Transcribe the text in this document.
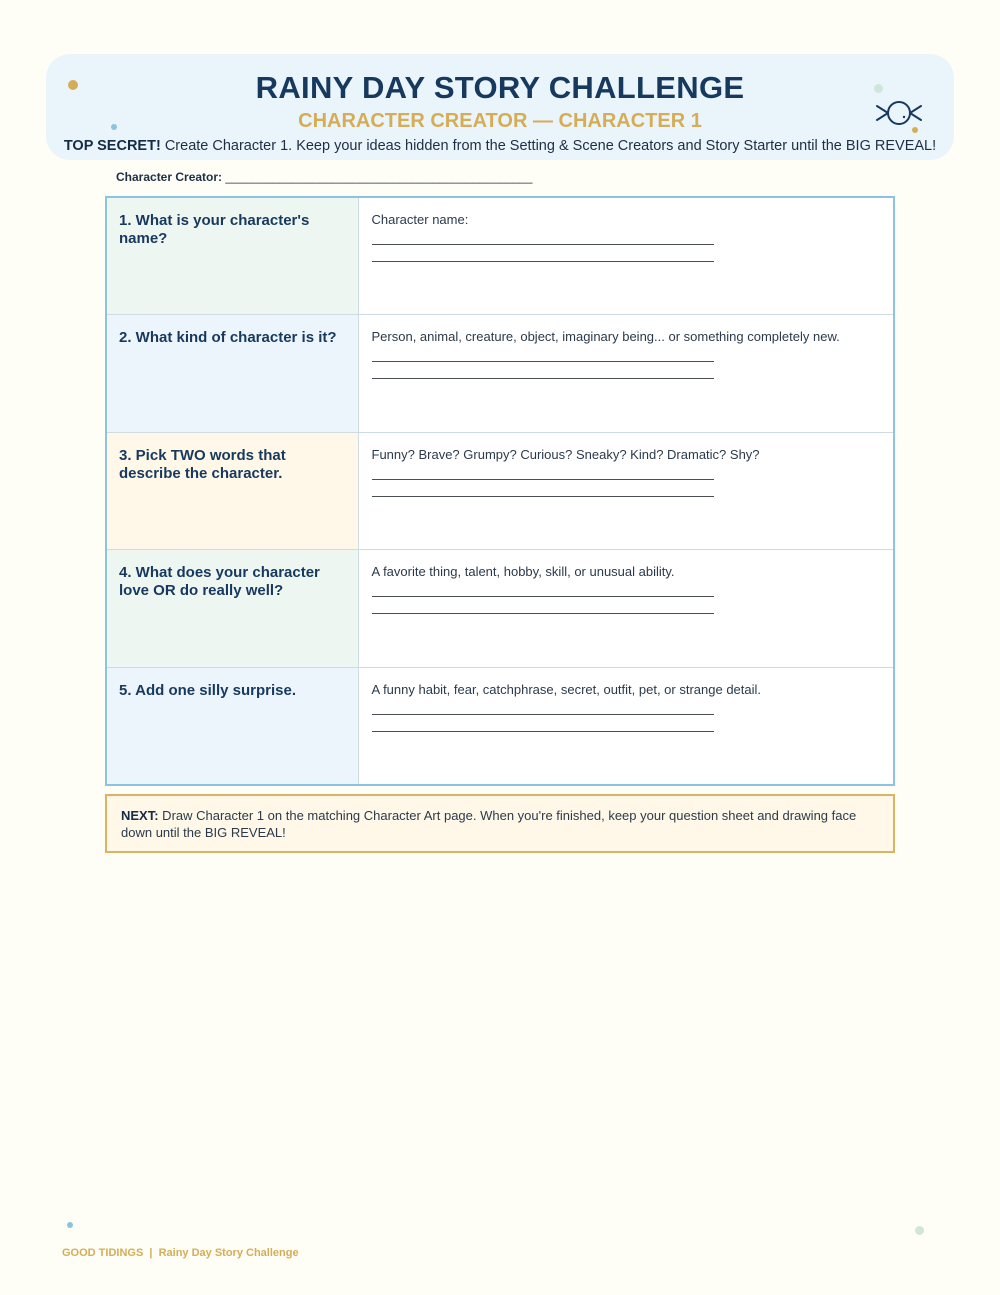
RAINY DAY STORY CHALLENGE
CHARACTER CREATOR — CHARACTER 1
TOP SECRET! Create Character 1. Keep your ideas hidden from the Setting & Scene Creators and Story Starter until the BIG REVEAL!
Character Creator: ______________________________________________
1. What is your character's name?	Character name:

2. What kind of character is it?	Person, animal, creature, object, imaginary being... or something completely new.

3. Pick TWO words that describe the character.	Funny? Brave? Grumpy? Curious? Sneaky? Kind? Dramatic? Shy?

4. What does your character love OR do really well?	A favorite thing, talent, hobby, skill, or unusual ability.

5. Add one silly surprise.	A funny habit, fear, catchphrase, secret, outfit, pet, or strange detail.
NEXT: Draw Character 1 on the matching Character Art page. When you're finished, keep your question sheet and drawing face down until the BIG REVEAL!
GOOD TIDINGS  |  Rainy Day Story Challenge
